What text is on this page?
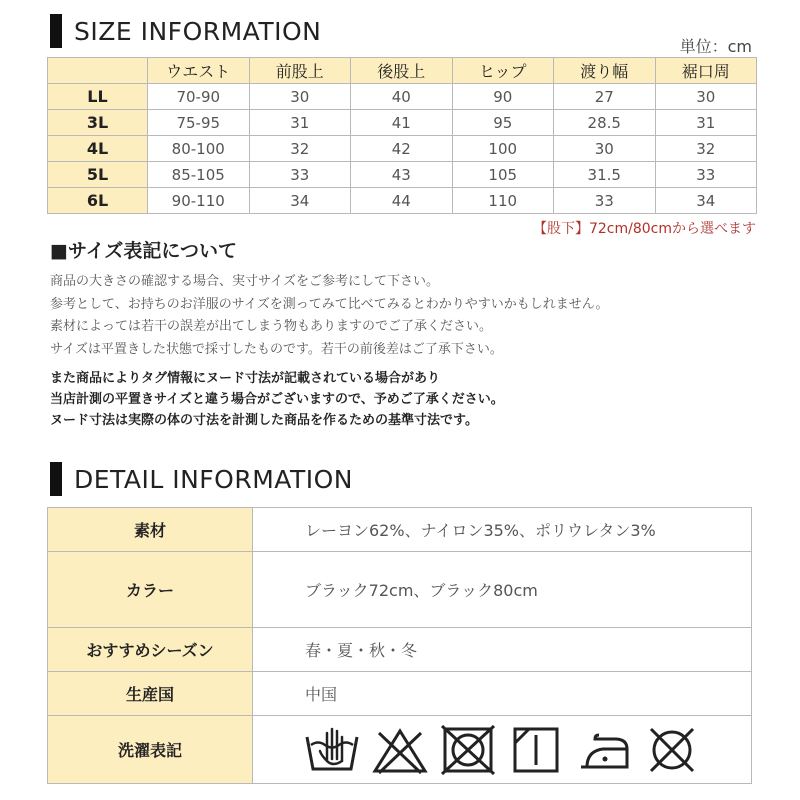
SIZE INFORMATION
単位：cm
	ウエスト	前股上	後股上	ヒップ	渡り幅	裾口周
LL	70-90	30	40	90	27	30
3L	75-95	31	41	95	28.5	31
4L	80-100	32	42	100	30	32
5L	85-105	33	43	105	31.5	33
6L	90-110	34	44	110	33	34
【股下】72cm/80cmから選べます
■サイズ表記について
商品の大きさの確認する場合、実寸サイズをご参考にして下さい。
参考として、お持ちのお洋服のサイズを測ってみて比べてみるとわかりやすいかもしれません。
素材によっては若干の誤差が出てしまう物もありますのでご了承ください。
サイズは平置きした状態で採寸したものです。若干の前後差はご了承下さい。
また商品によりタグ情報にヌード寸法が記載されている場合があり
当店計測の平置きサイズと違う場合がございますので、予めご了承ください。
ヌード寸法は実際の体の寸法を計測した商品を作るための基準寸法です。
DETAIL INFORMATION
素材	レーヨン62%、ナイロン35%、ポリウレタン3%
カラー	ブラック72cm、ブラック80cm
おすすめシーズン	春・夏・秋・冬
生産国	中国
洗濯表記	
